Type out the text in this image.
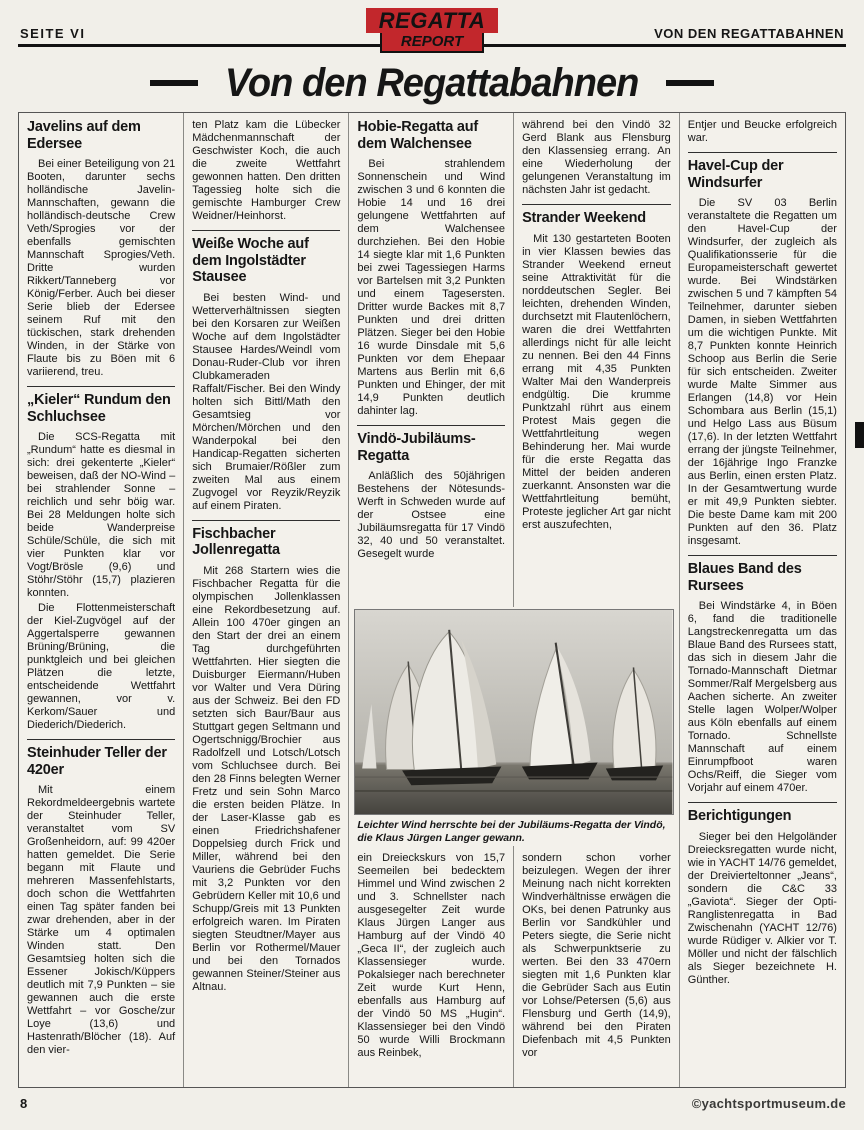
SEITE VI	VON DEN REGATTABAHNEN
REGATTA
REPORT
Von den Regattabahnen
Javelins auf dem Edersee

Bei einer Beteiligung von 21 Booten, darunter sechs holländische Javelin-Mannschaften, gewann die holländisch-deutsche Crew Veth/Sprogies vor der ebenfalls gemischten Mannschaft Sprogies/Veth. Dritte wurden Rikkert/Tanneberg vor König/Ferber. Auch bei dieser Serie blieb der Edersee seinem Ruf mit den tückischen, stark drehenden Winden, in der Stärke von Flaute bis zu Böen mit 6 variierend, treu.

„Kieler“ Rundum den Schluchsee

Die SCS-Regatta mit „Rundum“ hatte es diesmal in sich: drei gekenterte „Kieler“ beweisen, daß der NO-Wind – bei strahlender Sonne – reichlich und sehr böig war. Bei 28 Meldungen holte sich beide Wanderpreise Schüle/Schüle, die sich mit vier Punkten klar vor Vogt/Brösle (9,6) und Stöhr/Stöhr (15,7) plazieren konnten.

Die Flottenmeisterschaft der Kiel-Zugvögel auf der Aggertalsperre gewannen Brüning/Brüning, die punktgleich und bei gleichen Plätzen die letzte, entscheidende Wettfahrt gewannen, vor v. Kerkom/Sauer und Diederich/Diederich.

Steinhuder Teller der 420er

Mit einem Rekordmeldeergebnis wartete der Steinhuder Teller, veranstaltet vom SV Großenheidorn, auf: 99 420er hatten gemeldet. Die Serie begann mit Flaute und mehreren Massenfehlstarts, doch schon die Wettfahrten einen Tag später fanden bei zwar drehenden, aber in der Stärke um 4 optimalen Winden statt. Den Gesamtsieg holten sich die Essener Jokisch/Küppers deutlich mit 7,9 Punkten – sie gewannen auch die erste Wettfahrt – vor Gosche/zur Loye (13,6) und Hastenrath/Blöcher (18). Auf den vier-

ten Platz kam die Lübecker Mädchenmannschaft der Geschwister Koch, die auch die zweite Wettfahrt gewonnen hatten. Den dritten Tagessieg holte sich die gemischte Hamburger Crew Weidner/Heinhorst.

Weiße Woche auf dem Ingolstädter Stausee

Bei besten Wind- und Wetterverhältnissen siegten bei den Korsaren zur Weißen Woche auf dem Ingolstädter Stausee Hardes/Weindl vom Donau-Ruder-Club vor ihren Clubkameraden Raffalt/Fischer. Bei den Windy holten sich Bittl/Math den Gesamtsieg vor Mörchen/Mörchen und den Wanderpokal bei den Handicap-Regatten sicherten sich Brumaier/Rößler zum zweiten Mal aus einem Zugvogel vor Reyzik/Reyzik auf einem Piraten.

Fischbacher Jollenregatta

Mit 268 Startern wies die Fischbacher Regatta für die olympischen Jollenklassen eine Rekordbesetzung auf. Allein 100 470er gingen an den Start der drei an einem Tag durchgeführten Wettfahrten. Hier siegten die Duisburger Eiermann/Huben vor Walter und Vera Düring aus der Schweiz. Bei den FD setzten sich Baur/Baur aus Stuttgart gegen Seltmann und Ogertschnigg/Brochier aus Radolfzell und Lotsch/Lotsch vom Schluchsee durch. Bei den 28 Finns belegten Werner Fretz und sein Sohn Marco die ersten beiden Plätze. In der Laser-Klasse gab es einen Friedrichshafener Doppelsieg durch Frick und Miller, während bei den Vauriens die Gebrüder Fuchs mit 3,2 Punkten vor den Gebrüdern Keller mit 10,6 und Schupp/Greis mit 13 Punkten erfolgreich waren. Im Piraten siegten Steudtner/Mayer aus Berlin vor Rothermel/Mauer und bei den Tornados gewannen Steiner/Steiner aus Altnau.

Hobie-Regatta auf dem Walchensee

Bei strahlendem Sonnenschein und Wind zwischen 3 und 6 konnten die Hobie 14 und 16 drei gelungene Wettfahrten auf dem Walchensee durchziehen. Bei den Hobie 14 siegte klar mit 1,6 Punkten bei zwei Tagessiegen Harms vor Bartelsen mit 3,2 Punkten und einem Tagesersten. Dritter wurde Backes mit 8,7 Punkten und drei dritten Plätzen. Sieger bei den Hobie 16 wurde Dinsdale mit 5,6 Punkten vor dem Ehepaar Martens aus Berlin mit 6,6 Punkten und Ehinger, der mit 14,9 Punkten deutlich dahinter lag.

Vindö-Jubiläums-Regatta

Anläßlich des 50jährigen Bestehens der Nötesunds-Werft in Schweden wurde auf der Ostsee eine Jubiläumsregatta für 17 Vindö 32, 40 und 50 veranstaltet. Gesegelt wurde

während bei den Vindö 32 Gerd Blank aus Flensburg den Klassensieg errang. An eine Wiederholung der gelungenen Veranstaltung im nächsten Jahr ist gedacht.

Strander Weekend

Mit 130 gestarteten Booten in vier Klassen bewies das Strander Weekend erneut seine Attraktivität für die norddeutschen Segler. Bei leichten, drehenden Winden, durchsetzt mit Flautenlöchern, waren die drei Wettfahrten allerdings nicht für alle leicht zu nennen. Bei den 44 Finns errang mit 4,35 Punkten Walter Mai den Wanderpreis endgültig. Die krumme Punktzahl rührt aus einem Protest Mais gegen die Wettfahrtleitung wegen Behinderung her. Mai wurde für die erste Regatta das Mittel der beiden anderen zuerkannt. Ansonsten war die Wettfahrtleitung bemüht, Proteste jeglicher Art gar nicht erst auszufechten,

Leichter Wind herrschte bei der Jubiläums-Regatta der Vindö, die Klaus Jürgen Langer gewann.

ein Dreieckskurs von 15,7 Seemeilen bei bedecktem Himmel und Wind zwischen 2 und 3. Schnellster nach ausgesegelter Zeit wurde Klaus Jürgen Langer aus Hamburg auf der Vindö 40 „Geca II“, der zugleich auch Klassensieger wurde. Pokalsieger nach berechneter Zeit wurde Kurt Henn, ebenfalls aus Hamburg auf der Vindö 50 MS „Hugin“. Klassensieger bei den Vindö 50 wurde Willi Brockmann aus Reinbek,

sondern schon vorher beizulegen. Wegen der ihrer Meinung nach nicht korrekten Windverhältnisse erwägen die OKs, bei denen Patrunky aus Berlin vor Sandkühler und Peters siegte, die Serie nicht als Schwerpunktserie zu werten. Bei den 33 470ern siegten mit 1,6 Punkten klar die Gebrüder Sach aus Eutin vor Lohse/Petersen (5,6) aus Flensburg und Gerth (14,9), während bei den Piraten Diefenbach mit 4,5 Punkten vor

Entjer und Beucke erfolgreich war.

Havel-Cup der Windsurfer

Die SV 03 Berlin veranstaltete die Regatten um den Havel-Cup der Windsurfer, der zugleich als Qualifikationsserie für die Europameisterschaft gewertet wurde. Bei Windstärken zwischen 5 und 7 kämpften 54 Teilnehmer, darunter sieben Damen, in sieben Wettfahrten um die wichtigen Punkte. Mit 8,7 Punkten konnte Heinrich Schoop aus Berlin die Serie für sich entscheiden. Zweiter wurde Malte Simmer aus Erlangen (14,8) vor Hein Schombara aus Berlin (15,1) und Helgo Lass aus Büsum (17,6). In der letzten Wettfahrt errang der jüngste Teilnehmer, der 16jährige Ingo Franzke aus Berlin, einen ersten Platz. In der Gesamtwertung wurde er mit 49,9 Punkten siebter. Die beste Dame kam mit 200 Punkten auf den 36. Platz insgesamt.

Blaues Band des Rursees

Bei Windstärke 4, in Böen 6, fand die traditionelle Langstreckenregatta um das Blaue Band des Rursees statt, das sich in diesem Jahr die Tornado-Mannschaft Dietmar Sommer/Ralf Mergelsberg aus Aachen sicherte. An zweiter Stelle lagen Wolper/Wolper aus Köln ebenfalls auf einem Tornado. Schnellste Mannschaft auf einem Einrumpfboot waren Ochs/Reiff, die Sieger vom Vorjahr auf einem 470er.

Berichtigungen

Sieger bei den Helgoländer Dreiecksregatten wurde nicht, wie in YACHT 14/76 gemeldet, der Dreivierteltonner „Jeans“, sondern die C&C 33 „Gaviota“. Sieger der Opti-Ranglistenregatta in Bad Zwischenahn (YACHT 12/76) wurde Rüdiger v. Alkier vor T. Möller und nicht der fälschlich als Sieger bezeichnete H. Günther.

8	©yachtsportmuseum.de
